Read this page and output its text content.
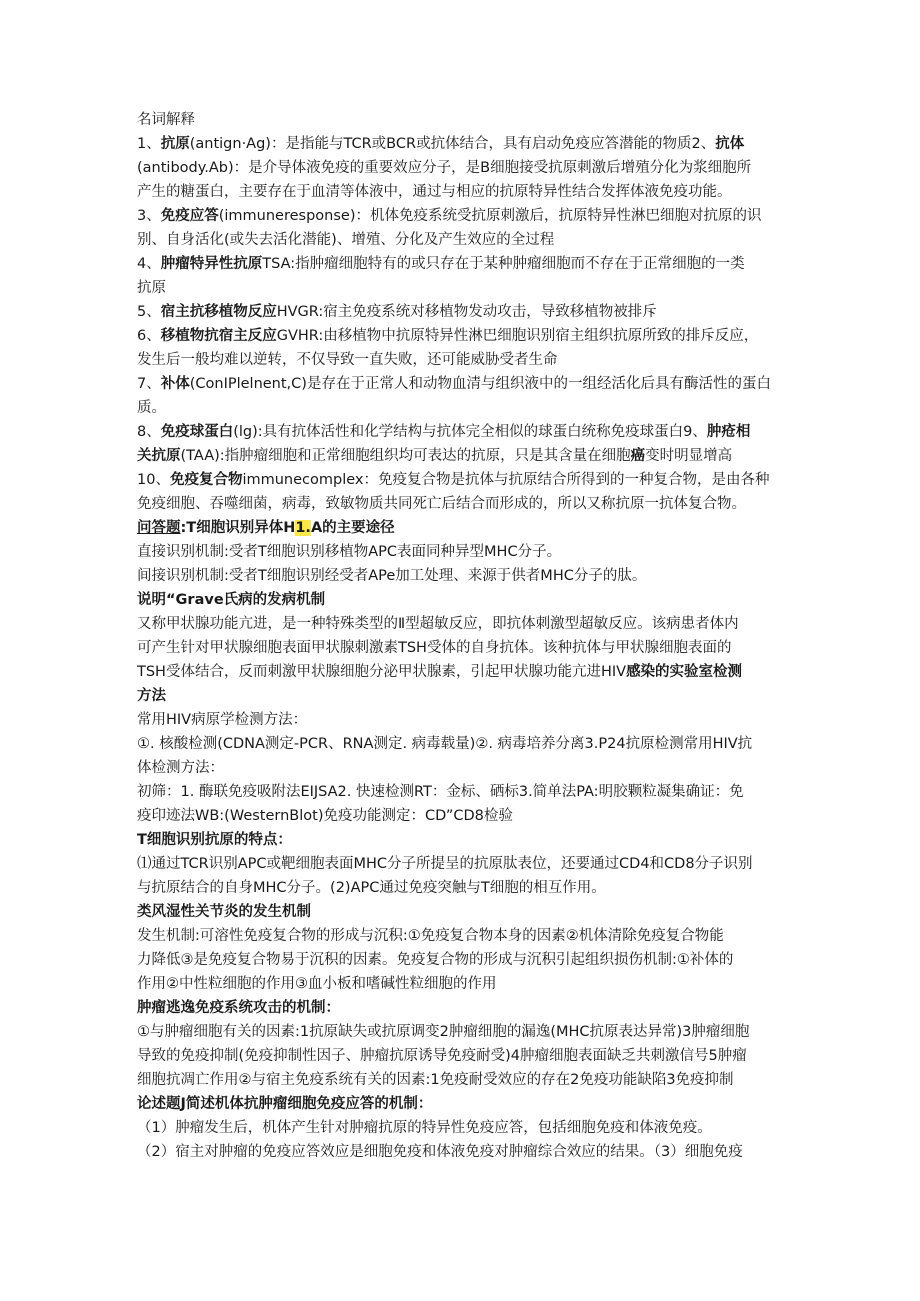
名词解释
1、抗原(antign·Ag)：是指能与TCR或BCR或抗体结合，具有启动免疫应答潜能的物质2、抗体
(antibody.Ab)：是介导体液免疫的重要效应分子，是B细胞接受抗原刺激后增殖分化为浆细胞所
产生的糖蛋白，主要存在于血清等体液中，通过与相应的抗原特异性结合发挥体液免疫功能。
3、免疫应答(immuneresponse)：机体免疫系统受抗原刺激后，抗原特异性淋巴细胞对抗原的识
别、自身活化(或失去活化潜能)、增殖、分化及产生效应的全过程
4、肿瘤特异性抗原TSA:指肿瘤细胞特有的或只存在于某种肿瘤细胞而不存在于正常细胞的一类
抗原
5、宿主抗移植物反应HVGR:宿主免疫系统对移植物发动攻击，导致移植物被排斥
6、移植物抗宿主反应GVHR:由移植物中抗原特异性淋巴细胞识别宿主组织抗原所致的排斥反应，
发生后一般均难以逆转，不仅导致一直失败，还可能威胁受者生命
7、补体(ConIPlelnent,C)是存在于正常人和动物血清与组织液中的一组经活化后具有酶活性的蛋白
质。
8、免疫球蛋白(lg):具有抗体活性和化学结构与抗体完全相似的球蛋白统称免疫球蛋白9、肿疮相
关抗原(TAA):指肿瘤细胞和正常细胞组织均可表达的抗原，只是其含量在细胞癌变时明显增高
10、免疫复合物immunecomplex：免疫复合物是抗体与抗原结合所得到的一种复合物，是由各种
免疫细胞、吞噬细菌，病毒，致敏物质共同死亡后结合而形成的，所以又称抗原一抗体复合物。
问答题:T细胞识别异体H1.A的主要途径
直接识别机制:受者T细胞识别移植物APC表面同种异型MHC分子。
间接识别机制:受者T细胞识别经受者APe加工处理、来源于供者MHC分子的肽。
说明“Grave氏病的发病机制
又称甲状腺功能亢进，是一种特殊类型的Ⅱ型超敏反应，即抗体刺激型超敏反应。该病患者体内
可产生针对甲状腺细胞表面甲状腺刺激素TSH受体的自身抗体。该种抗体与甲状腺细胞表面的
TSH受体结合，反而刺激甲状腺细胞分泌甲状腺素，引起甲状腺功能亢进HIV感染的实验室检测
方法
常用HIV病原学检测方法：
①. 核酸检测(CDNA测定-PCR、RNA测定. 病毒载量)②. 病毒培养分离3.P24抗原检测常用HIV抗
体检测方法：
初筛：1. 酶联免疫吸附法EIJSA2. 快速检测RT：金标、硒标3.简单法PA:明胶颗粒凝集确证：免
疫印迹法WB:(WesternBlot)免疫功能测定：CD”CD8检验
T细胞识别抗原的特点：
⑴通过TCR识别APC或靶细胞表面MHC分子所提呈的抗原肽表位，还要通过CD4和CD8分子识别
与抗原结合的自身MHC分子。(2)APC通过免疫突触与T细胞的相互作用。
类风湿性关节炎的发生机制
发生机制:可溶性免疫复合物的形成与沉积:①免疫复合物本身的因素②机体清除免疫复合物能
力降低③是免疫复合物易于沉积的因素。免疫复合物的形成与沉积引起组织损伤机制:①补体的
作用②中性粒细胞的作用③血小板和嗜碱性粒细胞的作用
肿瘤逃逸免疫系统攻击的机制：
①与肿瘤细胞有关的因素:1抗原缺失或抗原调变2肿瘤细胞的漏逸(MHC抗原表达异常)3肿瘤细胞
导致的免疫抑制(免疫抑制性因子、肿瘤抗原诱导免疫耐受)4肿瘤细胞表面缺乏共刺激信号5肿瘤
细胞抗凋亡作用②与宿主免疫系统有关的因素:1免疫耐受效应的存在2免疫功能缺陷3免疫抑制
论述题J简述机体抗肿瘤细胞免疫应答的机制：
（1）肿瘤发生后，机体产生针对肿瘤抗原的特异性免疫应答，包括细胞免疫和体液免疫。
（2）宿主对肿瘤的免疫应答效应是细胞免疫和体液免疫对肿瘤综合效应的结果。（3）细胞免疫
